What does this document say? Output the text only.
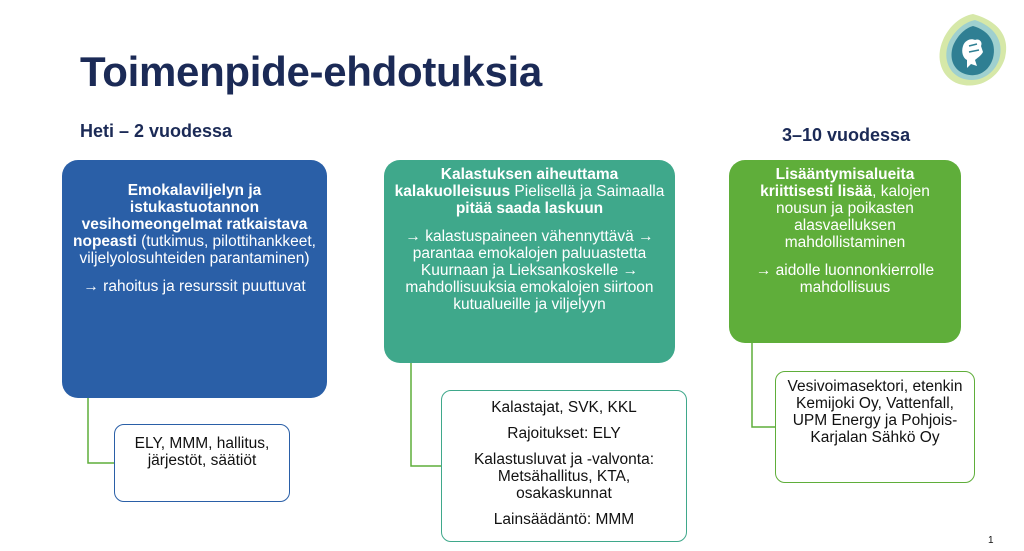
Toimenpide-ehdotuksia
Heti – 2 vuodessa	3–10 vuodessa

Emokalaviljelyn ja istukastuotannon vesihomeongelmat ratkaistava nopeasti (tutkimus, pilottihankkeet, viljelyolosuhteiden parantaminen)

→ rahoitus ja resurssit puuttuvat

ELY, MMM, hallitus, järjestöt, säätiöt

Kalastuksen aiheuttama kalakuolleisuus Pielisellä ja Saimaalla pitää saada laskuun

→ kalastuspaineen vähennyttävä → parantaa emokalojen paluuastetta Kuurnaan ja Lieksankoskelle → mahdollisuuksia emokalojen siirtoon kutualueille ja viljelyyn

Kalastajat, SVK, KKL

Rajoitukset: ELY

Kalastusluvat ja -valvonta: Metsähallitus, KTA, osakaskunnat

Lainsäädäntö: MMM

Lisääntymisalueita kriittisesti lisää, kalojen nousun ja poikasten alasvaelluksen mahdollistaminen

→ aidolle luonnonkierrolle mahdollisuus

Vesivoimasektori, etenkin Kemijoki Oy, Vattenfall, UPM Energy ja Pohjois-Karjalan Sähkö Oy

1
